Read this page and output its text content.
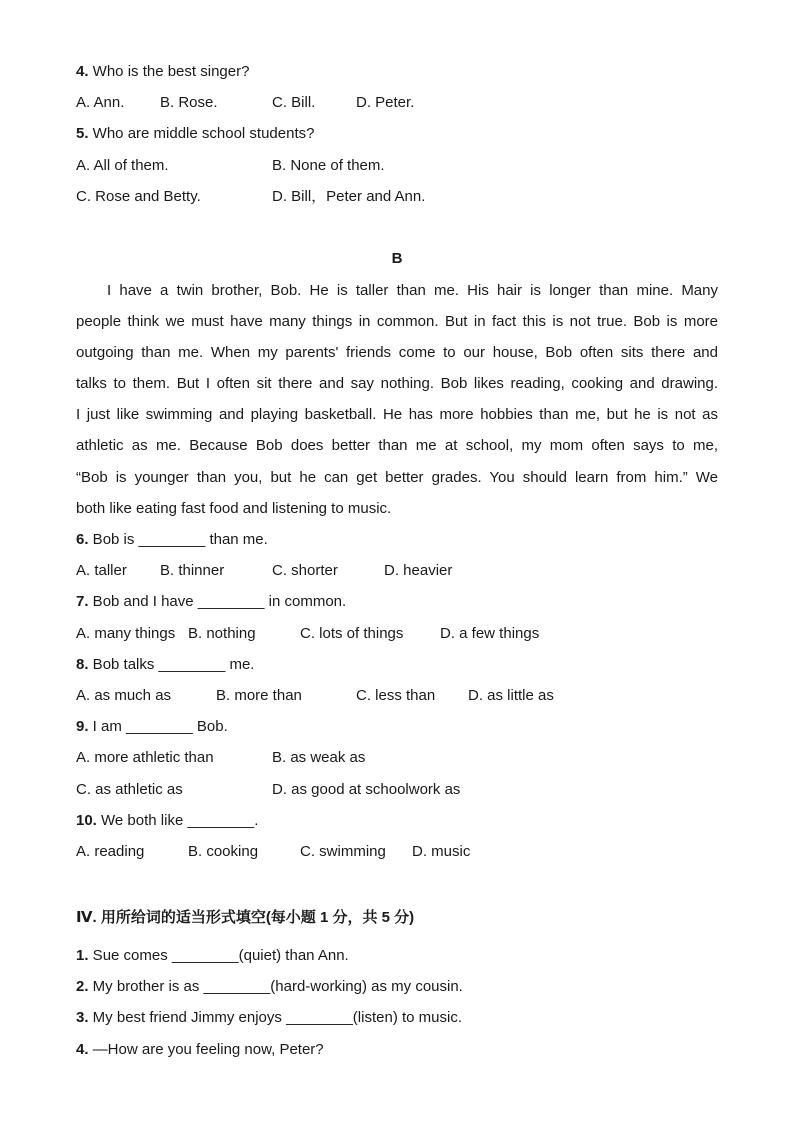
4. Who is the best singer?
A. Ann. B. Rose.	C. Bill.	D. Peter.
5. Who are middle school students?
A. All of them.	B. None of them.
C. Rose and Betty.	D. Bill，Peter and Ann.
B
I have a twin brother, Bob. He is taller than me. His hair is longer than mine. Many
people think we must have many things in common. But in fact this is not true. Bob is more
outgoing than me. When my parents' friends come to our house, Bob often sits there and
talks to them. But I often sit there and say nothing. Bob likes reading, cooking and drawing.
I just like swimming and playing basketball. He has more hobbies than me, but he is not as
athletic as me. Because Bob does better than me at school, my mom often says to me,
“Bob is younger than you, but he can get better grades. You should learn from him.” We
both like eating fast food and listening to music.
6. Bob is ________ than me.
A. taller B. thinner	C. shorter	D. heavier
7. Bob and I have ________ in common.
A. many things B. nothing	C. lots of things D. a few things
8. Bob talks ________ me.
A. as much as	B. more than	C. less than D. as little as
9. I am ________ Bob.
A. more athletic than	B. as weak as
C. as athletic as	D. as good at schoolwork as
10. We both like ________.
A. reading	B. cooking	C. swimming D. music
Ⅳ. 用所给词的适当形式填空(每小题 1 分，共 5 分)
1. Sue comes ________(quiet) than Ann.
2. My brother is as ________(hard-working) as my cousin.
3. My best friend Jimmy enjoys ________(listen) to music.
4. —How are you feeling now, Peter?
